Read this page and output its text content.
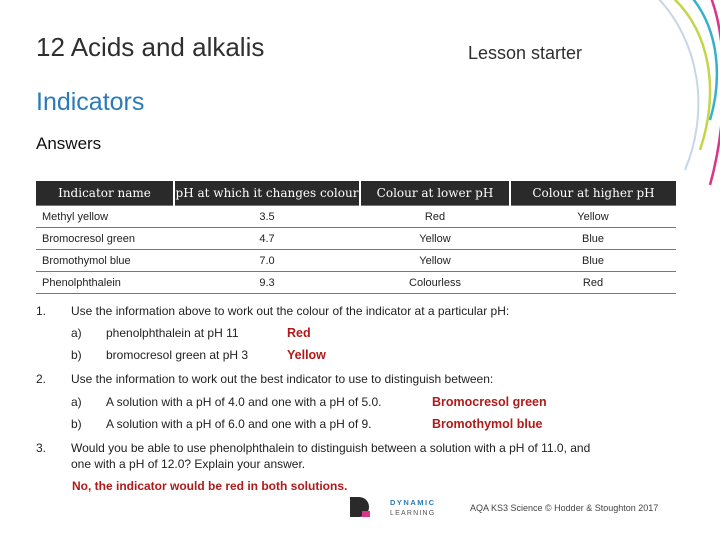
12 Acids and alkalis	Lesson starter
Indicators
Answers
Indicator name	pH at which it changes colour	Colour at lower pH	Colour at higher pH
Methyl yellow	3.5	Red	Yellow
Bromocresol green	4.7	Yellow	Blue
Bromothymol blue	7.0	Yellow	Blue
Phenolphthalein	9.3	Colourless	Red
1. Use the information above to work out the colour of the indicator at a particular pH:
a) phenolphthalein at pH 11	Red
b) bromocresol green at pH 3	Yellow
2. Use the information to work out the best indicator to use to distinguish between:
a) A solution with a pH of 4.0 and one with a pH of 5.0.	Bromocresol green
b) A solution with a pH of 6.0 and one with a pH of 9.	Bromothymol blue
3. Would you be able to use phenolphthalein to distinguish between a solution with a pH of 11.0, and
one with a pH of 12.0? Explain your answer.
No, the indicator would be red in both solutions.
DYNAMIC
LEARNING
AQA KS3 Science © Hodder & Stoughton 2017
